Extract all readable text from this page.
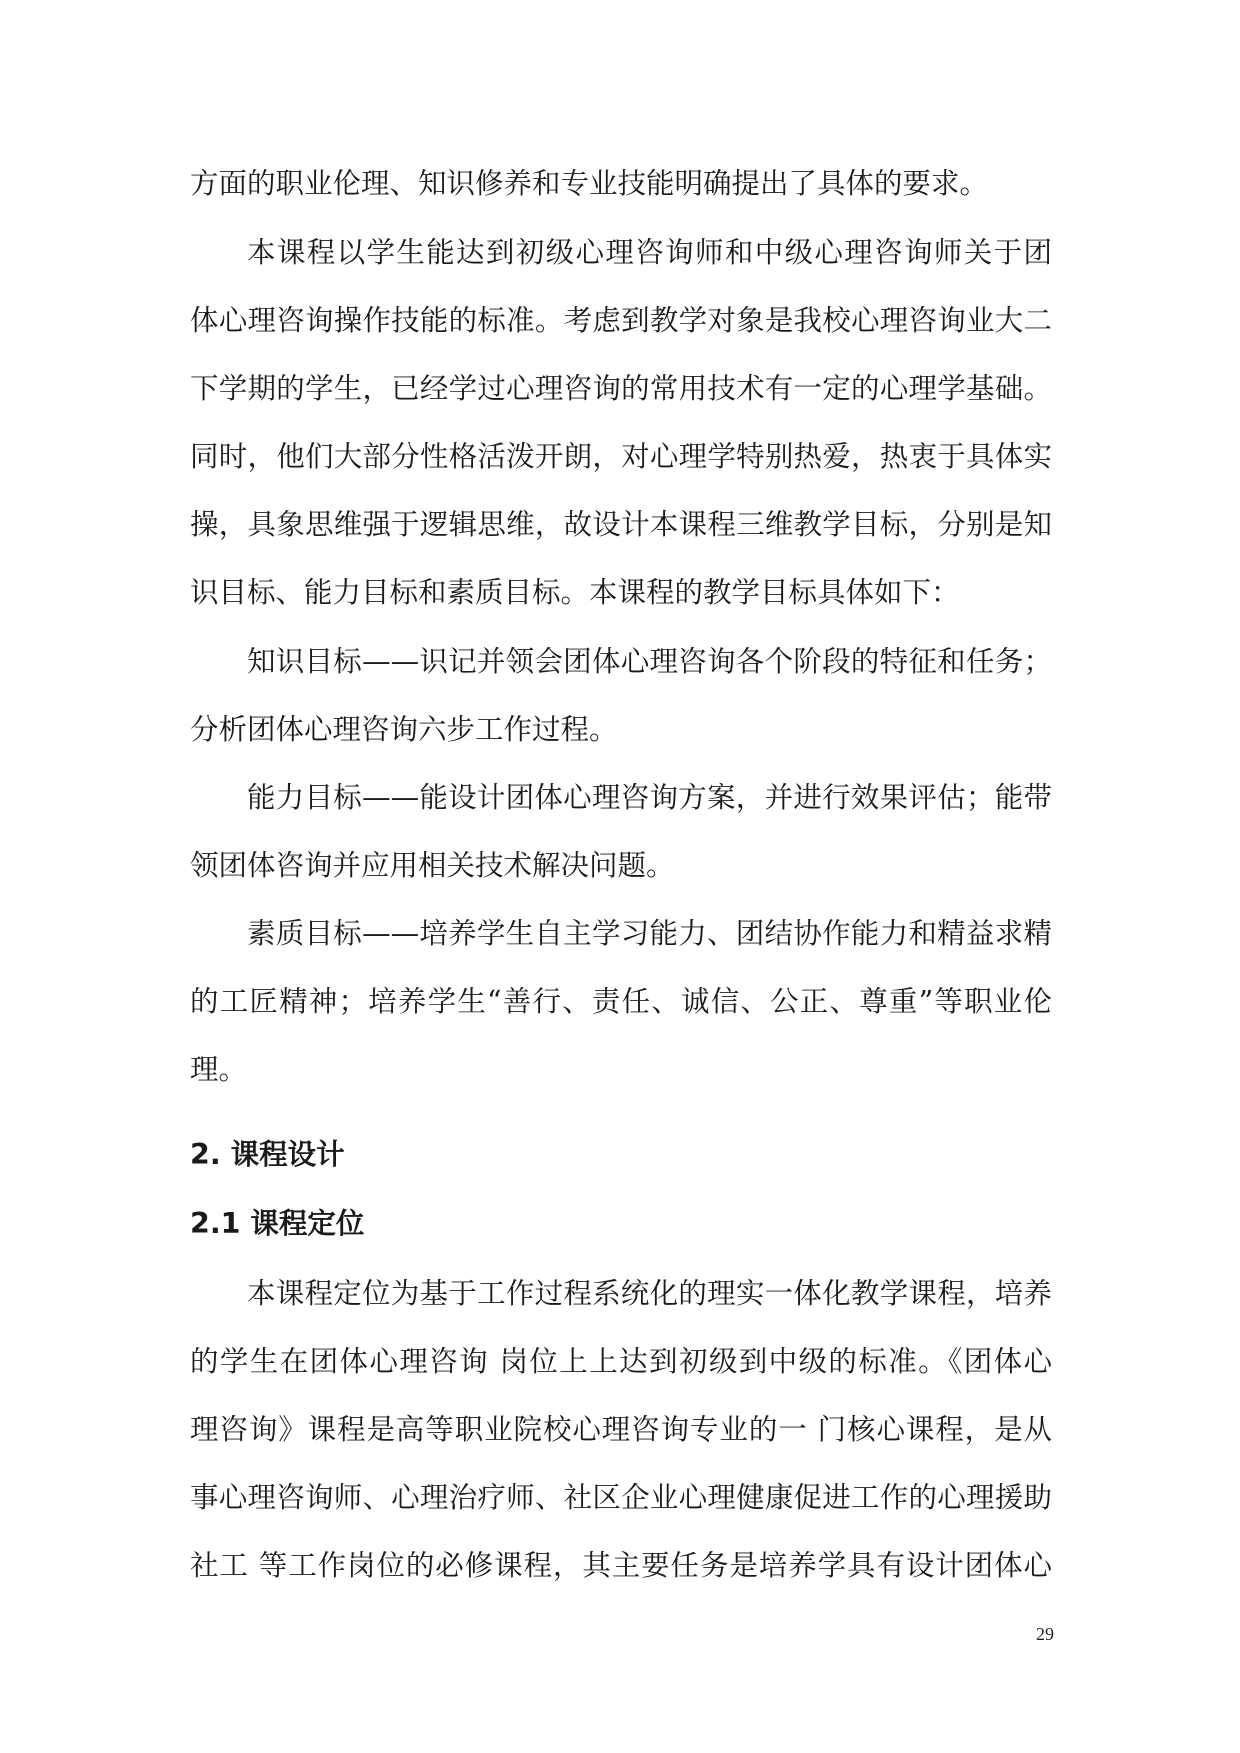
方面的职业伦理、知识修养和专业技能明确提出了具体的要求。
本课程以学生能达到初级心理咨询师和中级心理咨询师关于团
体心理咨询操作技能的标准。考虑到教学对象是我校心理咨询业大二
下学期的学生，已经学过心理咨询的常用技术有一定的心理学基础。
同时，他们大部分性格活泼开朗，对心理学特别热爱，热衷于具体实
操，具象思维强于逻辑思维，故设计本课程三维教学目标，分别是知
识目标、能力目标和素质目标。本课程的教学目标具体如下：
知识目标——识记并领会团体心理咨询各个阶段的特征和任务；
分析团体心理咨询六步工作过程。
能力目标——能设计团体心理咨询方案，并进行效果评估；能带
领团体咨询并应用相关技术解决问题。
素质目标——培养学生自主学习能力、团结协作能力和精益求精
的工匠精神；培养学生“善行、责任、诚信、公正、尊重”等职业伦
理。
2. 课程设计
2.1 课程定位
本课程定位为基于工作过程系统化的理实一体化教学课程，培养
的学生在团体心理咨询 岗位上上达到初级到中级的标准。《团体心
理咨询》课程是高等职业院校心理咨询专业的一 门核心课程，是从
事心理咨询师、心理治疗师、社区企业心理健康促进工作的心理援助
社工 等工作岗位的必修课程，其主要任务是培养学具有设计团体心
29
